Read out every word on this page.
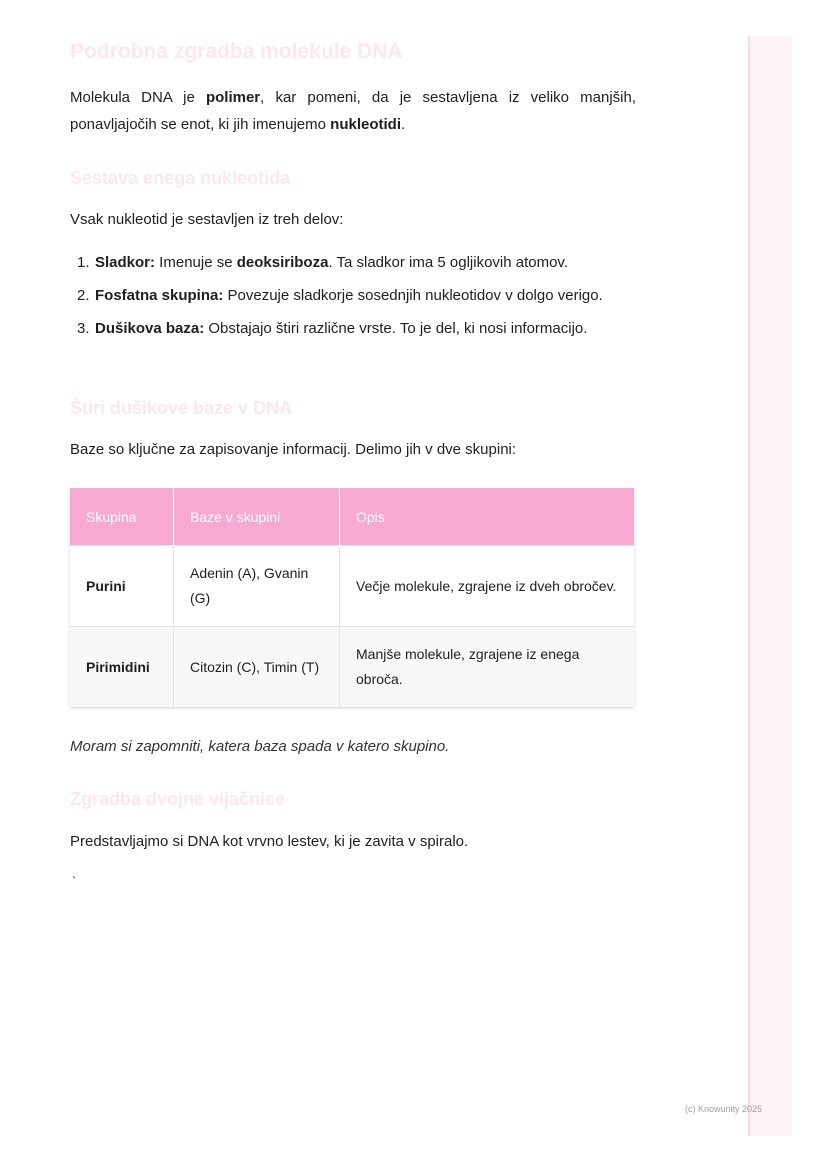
Podrobna zgradba molekule DNA

Molekula DNA je polimer, kar pomeni, da je sestavljena iz veliko manjših, ponavljajočih se enot, ki jih imenujemo nukleotidi.

Sestava enega nukleotida

Vsak nukleotid je sestavljen iz treh delov:

1. Sladkor: Imenuje se deoksiriboza. Ta sladkor ima 5 ogljikovih atomov.
2. Fosfatna skupina: Povezuje sladkorje sosednjih nukleotidov v dolgo verigo.
3. Dušikova baza: Obstajajo štiri različne vrste. To je del, ki nosi informacijo.
Štiri dušikove baze v DNA

Baze so ključne za zapisovanje informacij. Delimo jih v dve skupini:

Skupina	Baze v skupini	Opis
Purini	Adenin (A), Gvanin (G)	Večje molekule, zgrajene iz dveh obročev.
Pirimidini	Citozin (C), Timin (T)	Manjše molekule, zgrajene iz enega obroča.

Moram si zapomniti, katera baza spada v katero skupino.

Zgradba dvojne vijačnice

Predstavljajmo si DNA kot vrvno lestev, ki je zavita v spiralo.

`
(c) Knowunity 2025
